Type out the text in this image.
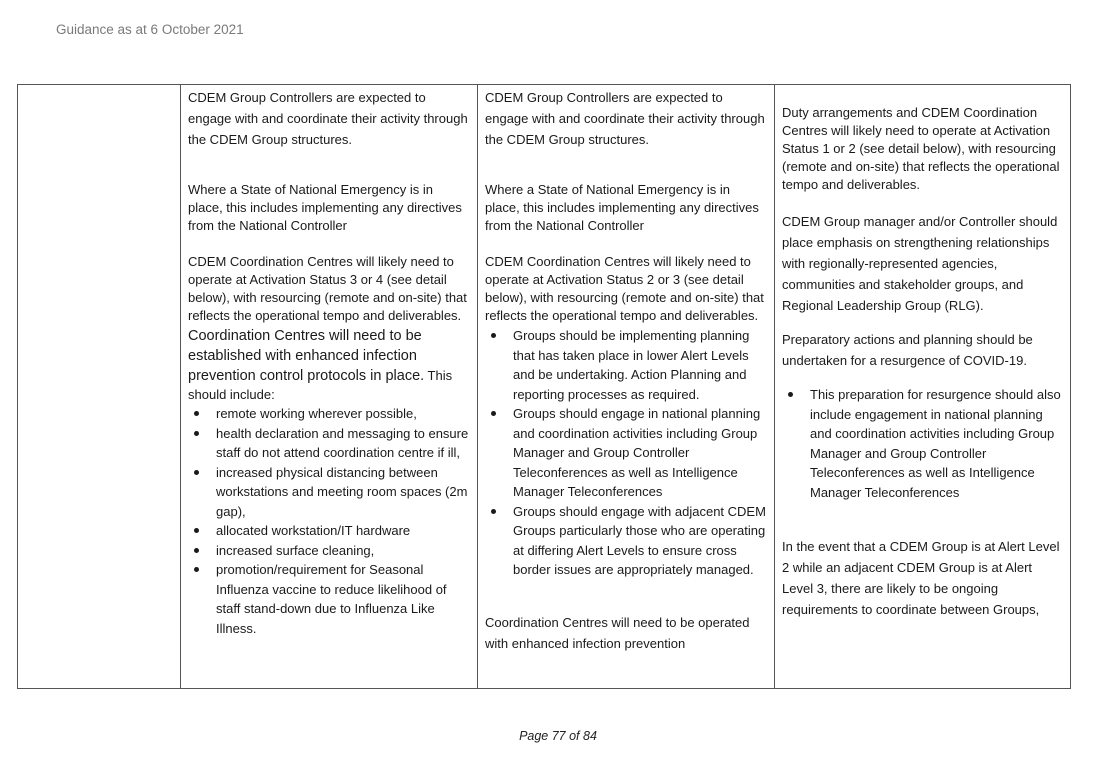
Guidance as at 6 October 2021

CDEM Group Controllers are expected to engage with and coordinate their activity through the CDEM Group structures.

Where a State of National Emergency is in place, this includes implementing any directives from the National Controller

CDEM Coordination Centres will likely need to operate at Activation Status 3 or 4 (see detail below), with resourcing (remote and on-site) that reflects the operational tempo and deliverables.

Coordination Centres will need to be established with enhanced infection prevention control protocols in place. This should include:

remote working wherever possible,
health declaration and messaging to ensure staff do not attend coordination centre if ill,
increased physical distancing between workstations and meeting room spaces (2m gap),
allocated workstation/IT hardware
increased surface cleaning,
promotion/requirement for Seasonal Influenza vaccine to reduce likelihood of staff stand-down due to Influenza Like Illness.

CDEM Group Controllers are expected to engage with and coordinate their activity through the CDEM Group structures.

Where a State of National Emergency is in place, this includes implementing any directives from the National Controller

CDEM Coordination Centres will likely need to operate at Activation Status 2 or 3 (see detail below), with resourcing (remote and on-site) that reflects the operational tempo and deliverables.

Groups should be implementing planning that has taken place in lower Alert Levels and be undertaking. Action Planning and reporting processes as required.
Groups should engage in national planning and coordination activities including Group Manager and Group Controller Teleconferences as well as Intelligence Manager Teleconferences
Groups should engage with adjacent CDEM Groups particularly those who are operating at differing Alert Levels to ensure cross border issues are appropriately managed.

Coordination Centres will need to be operated with enhanced infection prevention

Duty arrangements and CDEM Coordination Centres will likely need to operate at Activation Status 1 or 2 (see detail below), with resourcing (remote and on-site) that reflects the operational tempo and deliverables.

CDEM Group manager and/or Controller should place emphasis on strengthening relationships with regionally-represented agencies, communities and stakeholder groups, and Regional Leadership Group (RLG).

Preparatory actions and planning should be undertaken for a resurgence of COVID-19.

This preparation for resurgence should also include engagement in national planning and coordination activities including Group Manager and Group Controller Teleconferences as well as Intelligence Manager Teleconferences

In the event that a CDEM Group is at Alert Level 2 while an adjacent CDEM Group is at Alert Level 3, there are likely to be ongoing requirements to coordinate between Groups,

Page 77 of 84
